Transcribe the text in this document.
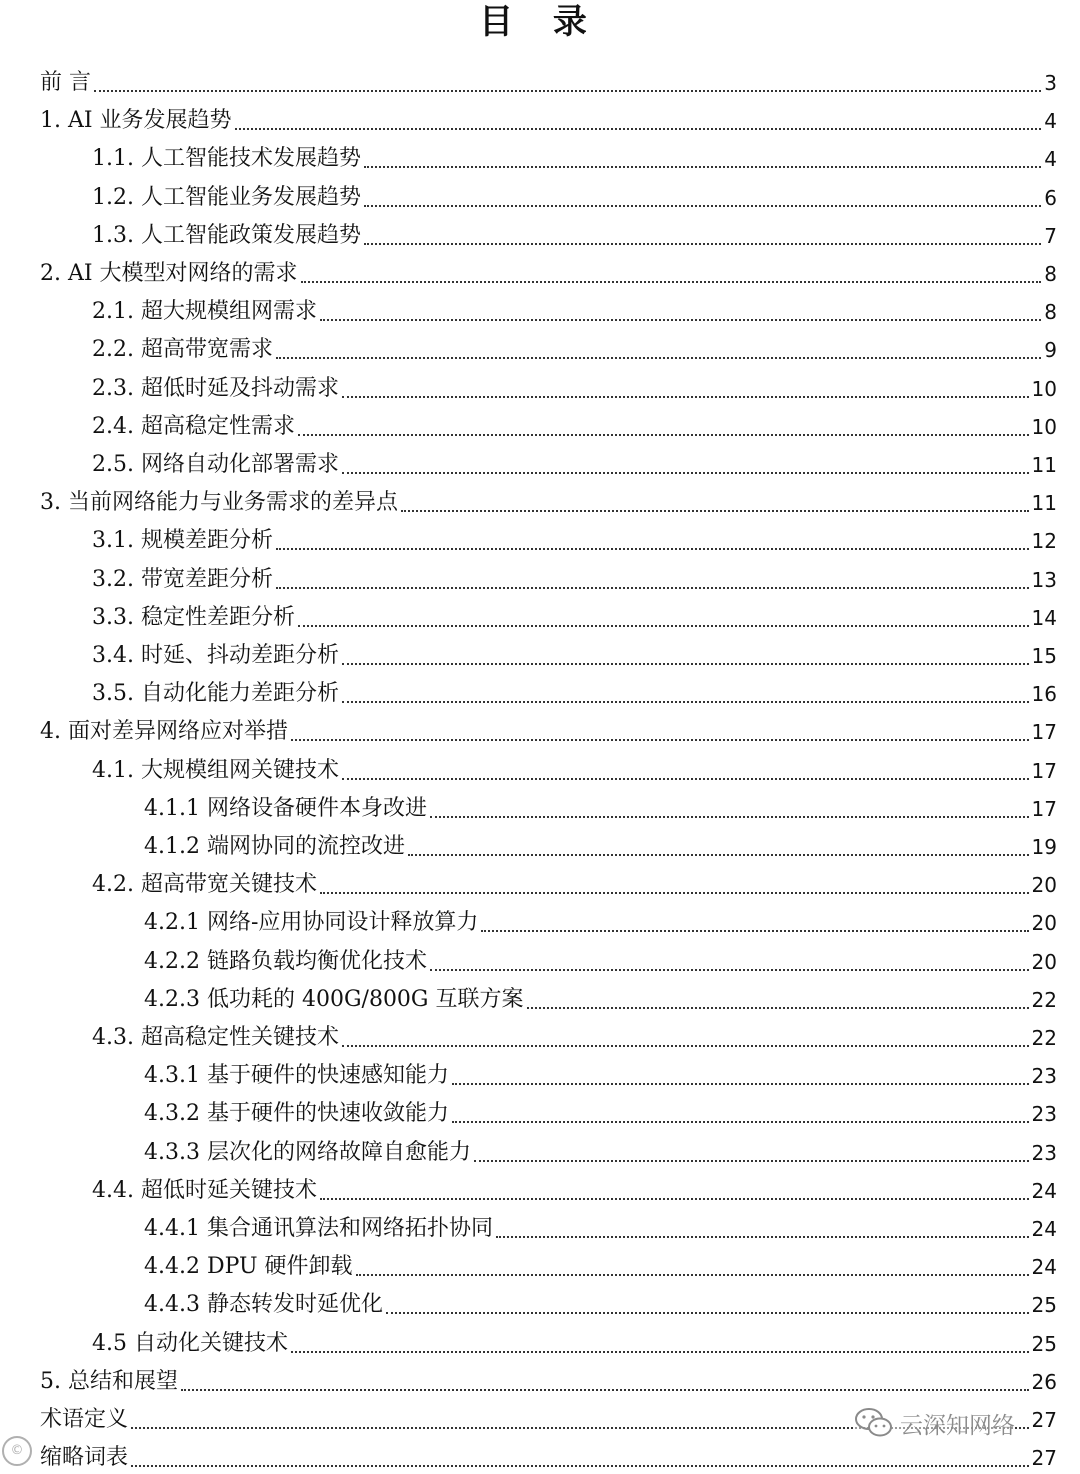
目 录
前 言	3
1. AI 业务发展趋势	4
1.1. 人工智能技术发展趋势	4
1.2. 人工智能业务发展趋势	6
1.3. 人工智能政策发展趋势	7
2. AI 大模型对网络的需求	8
2.1. 超大规模组网需求	8
2.2. 超高带宽需求	9
2.3. 超低时延及抖动需求	10
2.4. 超高稳定性需求	10
2.5. 网络自动化部署需求	11
3. 当前网络能力与业务需求的差异点	11
3.1. 规模差距分析	12
3.2. 带宽差距分析	13
3.3. 稳定性差距分析	14
3.4. 时延、抖动差距分析	15
3.5. 自动化能力差距分析	16
4. 面对差异网络应对举措	17
4.1. 大规模组网关键技术	17
4.1.1 网络设备硬件本身改进	17
4.1.2 端网协同的流控改进	19
4.2. 超高带宽关键技术	20
4.2.1 网络-应用协同设计释放算力	20
4.2.2 链路负载均衡优化技术	20
4.2.3 低功耗的 400G/800G 互联方案	22
4.3. 超高稳定性关键技术	22
4.3.1 基于硬件的快速感知能力	23
4.3.2 基于硬件的快速收敛能力	23
4.3.3 层次化的网络故障自愈能力	23
4.4. 超低时延关键技术	24
4.4.1 集合通讯算法和网络拓扑协同	24
4.4.2 DPU 硬件卸载	24
4.4.3 静态转发时延优化	25
4.5 自动化关键技术	25
5. 总结和展望	26
术语定义	27
缩略词表	27
云深知网络
©
